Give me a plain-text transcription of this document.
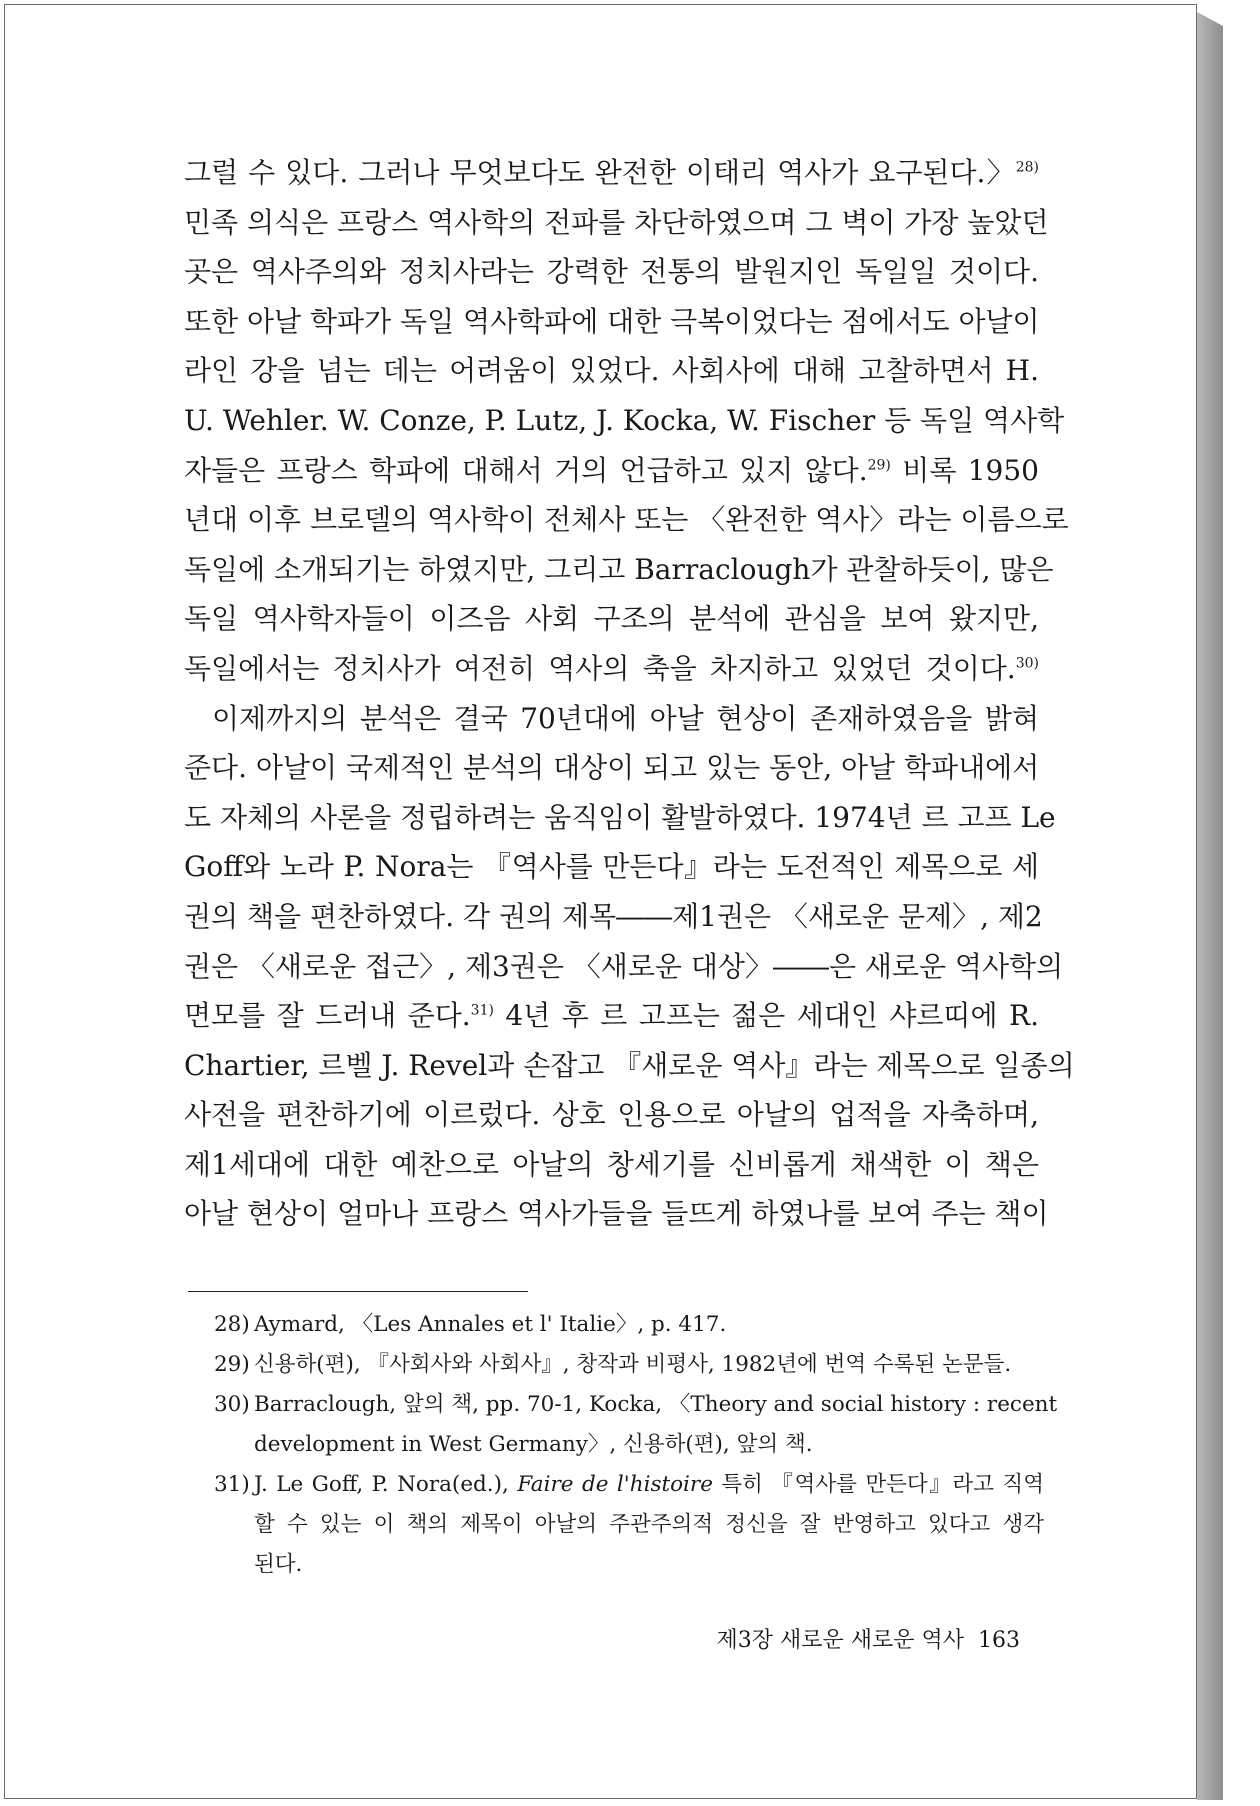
그럴 수 있다. 그러나 무엇보다도 완전한 이태리 역사가 요구된다.〉$^{28)}$
민족 의식은 프랑스 역사학의 전파를 차단하였으며 그 벽이 가장 높았던
곳은 역사주의와 정치사라는 강력한 전통의 발원지인 독일일 것이다.
또한 아날 학파가 독일 역사학파에 대한 극복이었다는 점에서도 아날이
라인 강을 넘는 데는 어려움이 있었다. 사회사에 대해 고찰하면서 H.
U. Wehler. W. Conze, P. Lutz, J. Kocka, W. Fischer 등 독일 역사학
자들은 프랑스 학파에 대해서 거의 언급하고 있지 않다.$^{29)}$ 비록 1950
년대 이후 브로델의 역사학이 전체사 또는 〈완전한 역사〉라는 이름으로
독일에 소개되기는 하였지만, 그리고 Barraclough가 관찰하듯이, 많은
독일 역사학자들이 이즈음 사회 구조의 분석에 관심을 보여 왔지만,
독일에서는 정치사가 여전히 역사의 축을 차지하고 있었던 것이다.$^{30)}$
이제까지의 분석은 결국 70년대에 아날 현상이 존재하였음을 밝혀
준다. 아날이 국제적인 분석의 대상이 되고 있는 동안, 아날 학파내에서
도 자체의 사론을 정립하려는 움직임이 활발하였다. 1974년 르 고프 Le
Goff와 노라 P. Nora는 『역사를 만든다』라는 도전적인 제목으로 세
권의 책을 편찬하였다. 각 권의 제목――제1권은 〈새로운 문제〉, 제2
권은 〈새로운 접근〉, 제3권은 〈새로운 대상〉――은 새로운 역사학의
면모를 잘 드러내 준다.$^{31)}$ 4년 후 르 고프는 젊은 세대인 샤르띠에 R.
Chartier, 르벨 J. Revel과 손잡고 『새로운 역사』라는 제목으로 일종의
사전을 편찬하기에 이르렀다. 상호 인용으로 아날의 업적을 자축하며,
제1세대에 대한 예찬으로 아날의 창세기를 신비롭게 채색한 이 책은
아날 현상이 얼마나 프랑스 역사가들을 들뜨게 하였나를 보여 주는 책이
28) Aymard, 〈Les Annales et l' Italie〉, p. 417.
29) 신용하(편), 『사회사와 사회사』, 창작과 비평사, 1982년에 번역 수록된 논문들.
30) Barraclough, 앞의 책, pp. 70-1, Kocka, 〈Theory and social history : recent
development in West Germany〉, 신용하(편), 앞의 책.
31) J. Le Goff, P. Nora(ed.), Faire de l'histoire 특히 『역사를 만든다』라고 직역
할 수 있는 이 책의 제목이 아날의 주관주의적 정신을 잘 반영하고 있다고 생각
된다.
제3장 새로운 새로운 역사 163
